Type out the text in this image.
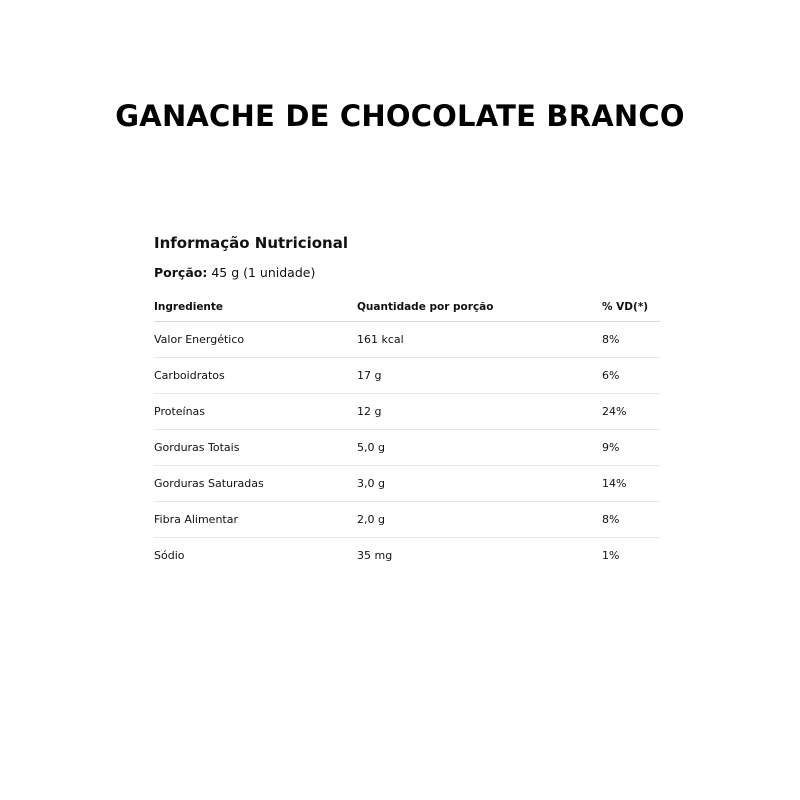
GANACHE DE CHOCOLATE BRANCO
Informação Nutricional
Porção: 45 g (1 unidade)
Ingrediente	Quantidade por porção	% VD(*)
Valor Energético	161 kcal	8%
Carboidratos	17 g	6%
Proteínas	12 g	24%
Gorduras Totais	5,0 g	9%
Gorduras Saturadas	3,0 g	14%
Fibra Alimentar	2,0 g	8%
Sódio	35 mg	1%
